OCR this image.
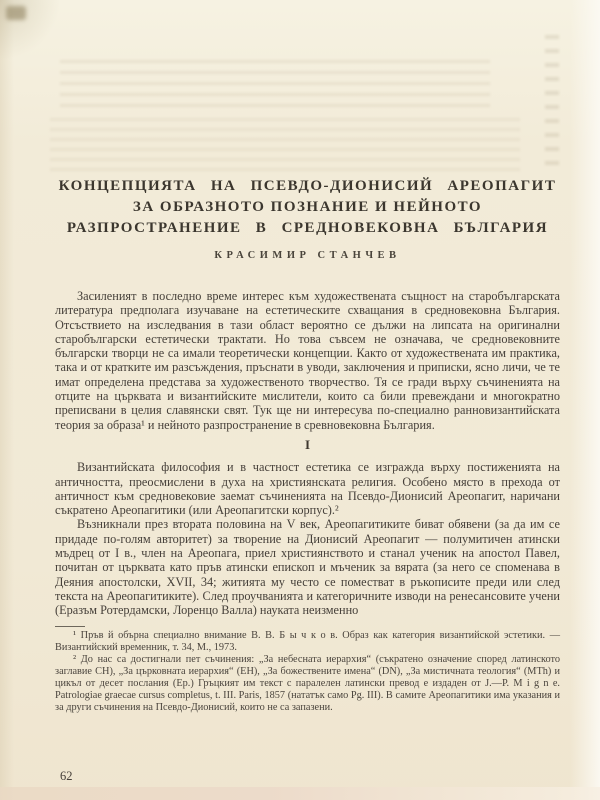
КОНЦЕПЦИЯТА НА ПСЕВДО-ДИОНИСИЙ АРЕОПАГИТ
ЗА ОБРАЗНОТО ПОЗНАНИЕ И НЕЙНОТО
РАЗПРОСТРАНЕНИЕ В СРЕДНОВЕКОВНА БЪЛГАРИЯ
КРАСИМИР СТАНЧЕВ

Засиленият в последно време интерес към художествената същност на старобългарската литература предполага изучаване на естетическите схващания в средновековна България. Отсъствието на изследвания в тази област вероятно се дължи на липсата на оригинални старобългарски естетически трактати. Но това съвсем не означава, че средновековните български творци не са имали теоретически концепции. Както от художествената им практика, така и от кратките им разсъждения, пръснати в уводи, заключения и приписки, ясно личи, че те имат определена представа за художественото творчество. Тя се гради върху съчиненията на отците на църквата и византийските мислители, които са били превеждани и многократно преписвани в целия славянски свят. Тук ще ни интересува по-специално ранновизантийската теория за образа¹ и нейното разпространение в сревновековна България.

I

Византийската философия и в частност естетика се изгражда върху постиженията на античността, преосмислени в духа на християнската религия. Особено място в прехода от античност към средновековие заемат съчиненията на Псевдо-Дионисий Ареопагит, наричани съкратено Ареопагитики (или Ареопагитски корпус).²

Възникнали през втората половина на V век, Ареопагитиките биват обявени (за да им се придаде по-голям авторитет) за творение на Дионисий Ареопагит — полумитичен атински мъдрец от I в., член на Ареопага, приел християнството и станал ученик на апостол Павел, почитан от църквата като пръв атински епископ и мъченик за вярата (за него се споменава в Деяния апостолски, XVII, 34; житията му често се поместват в ръкописите преди или след текста на Ареопагитиките). След проучванията и категоричните изводи на ренесансовите учени (Еразъм Ротердамски, Лоренцо Валла) науката неизменно

¹ Пръв й обърна специално внимание В. В. Б ы ч к о в. Образ как категория византийской эстетики. — Византийский временник, т. 34, М., 1973.

² До нас са достигнали пет съчинения: „За небесната иерархия“ (съкратено означение според латинското заглавие CH), „За църковната иерархия“ (EH), „За божествените имена“ (DN), „За мистичната теология“ (MTh) и цикъл от десет послания (Ep.) Гръцкият им текст с паралелен латински превод е издаден от J.—P. M i g n e. Patrologiae graecae cursus completus, t. III. Paris, 1857 (нататък само Pg. III). В самите Ареопагитики има указания и за други съчинения на Псевдо-Дионисий, които не са запазени.

62
